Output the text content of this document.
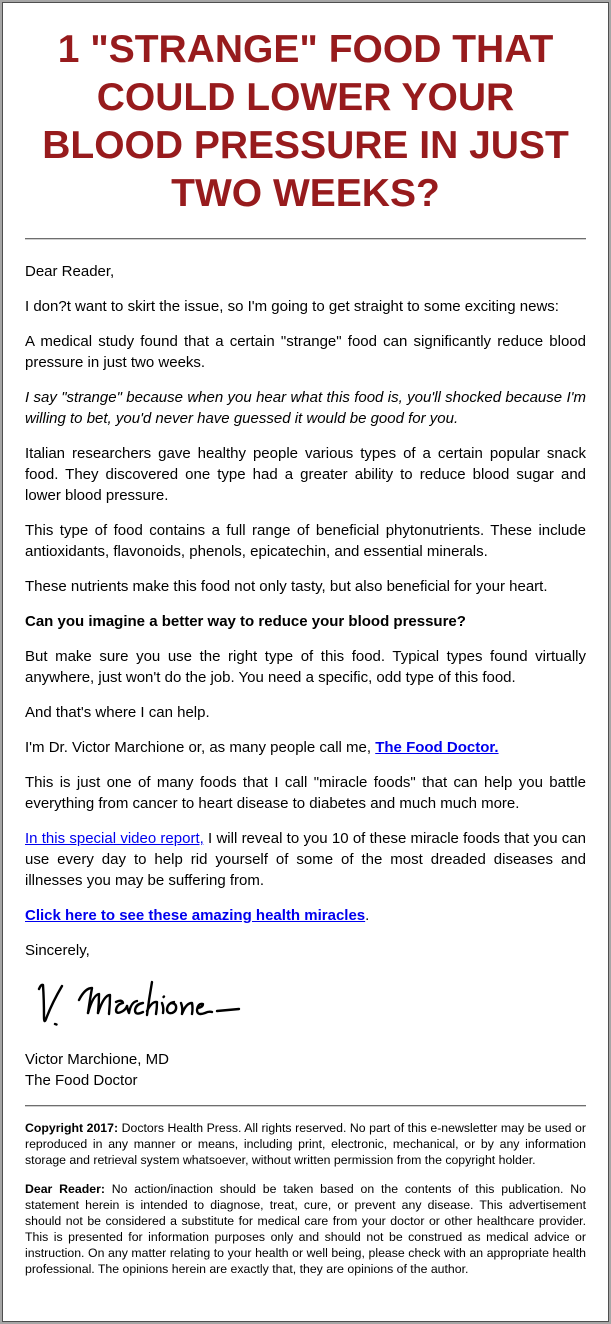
1 "STRANGE" FOOD THAT
COULD LOWER YOUR
BLOOD PRESSURE IN JUST
TWO WEEKS?

Dear Reader,

I don?t want to skirt the issue, so I'm going to get straight to some exciting news:

A medical study found that a certain "strange" food can significantly reduce blood pressure in just two weeks.

I say "strange" because when you hear what this food is, you'll shocked because I'm willing to bet, you'd never have guessed it would be good for you.

Italian researchers gave healthy people various types of a certain popular snack food. They discovered one type had a greater ability to reduce blood sugar and lower blood pressure.

This type of food contains a full range of beneficial phytonutrients. These include antioxidants, flavonoids, phenols, epicatechin, and essential minerals.

These nutrients make this food not only tasty, but also beneficial for your heart.

Can you imagine a better way to reduce your blood pressure?

But make sure you use the right type of this food. Typical types found virtually anywhere, just won't do the job. You need a specific, odd type of this food.

And that's where I can help.

I'm Dr. Victor Marchione or, as many people call me, The Food Doctor.

This is just one of many foods that I call "miracle foods" that can help you battle everything from cancer to heart disease to diabetes and much much more.

In this special video report, I will reveal to you 10 of these miracle foods that you can use every day to help rid yourself of some of the most dreaded diseases and illnesses you may be suffering from.

Click here to see these amazing health miracles.

Sincerely,

Victor Marchione, MD
The Food Doctor

Copyright 2017: Doctors Health Press. All rights reserved. No part of this e-newsletter may be used or reproduced in any manner or means, including print, electronic, mechanical, or by any information storage and retrieval system whatsoever, without written permission from the copyright holder.

Dear Reader: No action/inaction should be taken based on the contents of this publication. No statement herein is intended to diagnose, treat, cure, or prevent any disease. This advertisement should not be considered a substitute for medical care from your doctor or other healthcare provider. This is presented for information purposes only and should not be construed as medical advice or instruction. On any matter relating to your health or well being, please check with an appropriate health professional. The opinions herein are exactly that, they are opinions of the author.
